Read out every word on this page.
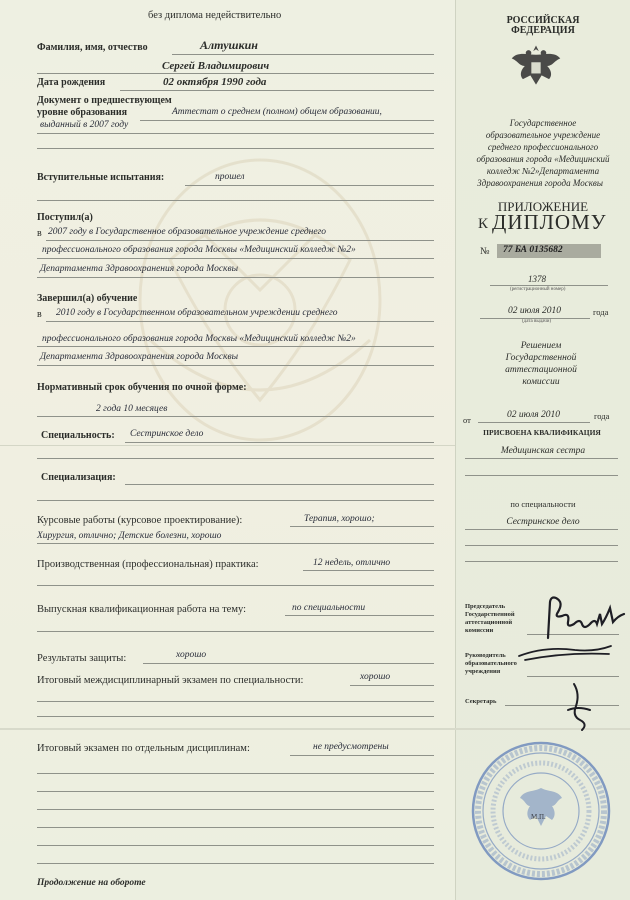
без диплома недействительно
Фамилия, имя, отчество	Алтушкин
Сергей Владимирович
Дата рождения	02 октября 1990 года
Документ о предшествующем
уровне образования	Аттестат о среднем (полном) общем образовании,
выданный в 2007 году
Вступительные испытания:	прошел
Поступил(а)
в 2007 году в Государственное образовательное учреждение среднего
профессионального образования города Москвы «Медицинский колледж №2»
Департамента Здравоохранения города Москвы
Завершил(а) обучение
в 2010 году в Государственном образовательном учреждении среднего
профессионального образования города Москвы «Медицинский колледж №2»
Департамента Здравоохранения города Москвы
Нормативный срок обучения по очной форме:
2 года 10 месяцев
Специальность: Сестринское дело
Специализация:
Курсовые работы (курсовое проектирование):	Терапия, хорошо;
Хирургия, отлично; Детские болезни, хорошо
Производственная (профессиональная) практика:	12 недель, отлично
Выпускная квалификационная работа на тему:	по специальности
Результаты защиты:	хорошо
Итоговый междисциплинарный экзамен по специальности:	хорошо
Итоговый экзамен по отдельным дисциплинам:	не предусмотрены
Продолжение на обороте
РОССИЙСКАЯ
ФЕДЕРАЦИЯ
Государственное
образовательное учреждение
среднего профессионального
образования города «Медицинский
колледж №2»Департамента
Здравоохранения города Москвы
ПРИЛОЖЕНИЕ
К ДИПЛОМУ
№ 77 БА 0135682
1378
(регистрационный номер)
02 июля 2010	года
(дата выдачи)
Решением
Государственной
аттестационной
комиссии
от	02 июля 2010	года
ПРИСВОЕНА КВАЛИФИКАЦИЯ
Медицинская сестра
по специальности
Сестринское дело
Председатель
Государственной
аттестационной
комиссии
Руководитель
образовательного
учреждения
Секретарь
М.П.
